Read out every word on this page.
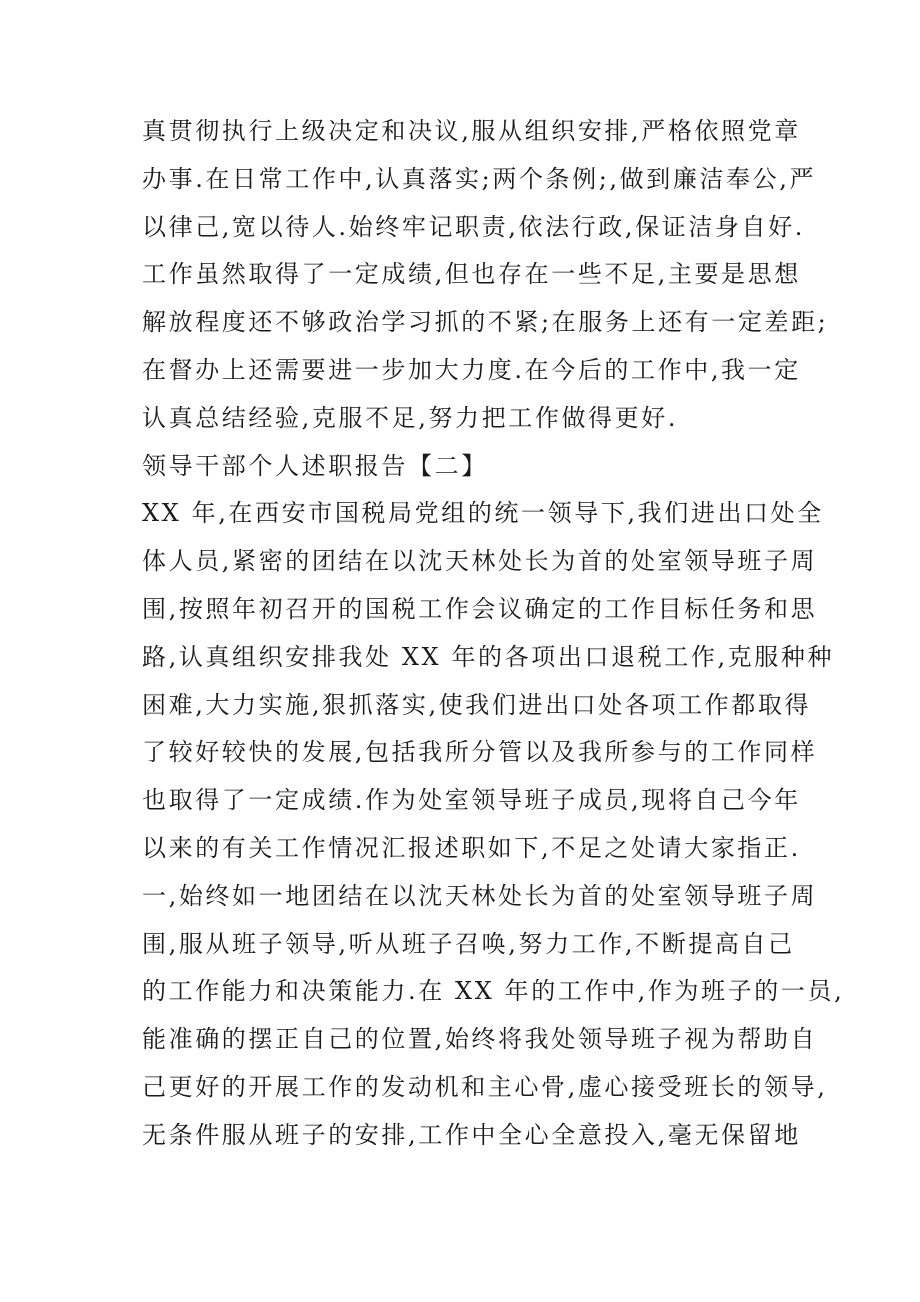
真贯彻执行上级决定和决议,服从组织安排,严格依照党章
办事.在日常工作中,认真落实;两个条例;,做到廉洁奉公,严
以律己,宽以待人.始终牢记职责,依法行政,保证洁身自好.
工作虽然取得了一定成绩,但也存在一些不足,主要是思想
解放程度还不够政治学习抓的不紧;在服务上还有一定差距;
在督办上还需要进一步加大力度.在今后的工作中,我一定
认真总结经验,克服不足,努力把工作做得更好.
领导干部个人述职报告【二】
XX 年,在西安市国税局党组的统一领导下,我们进出口处全
体人员,紧密的团结在以沈天林处长为首的处室领导班子周
围,按照年初召开的国税工作会议确定的工作目标任务和思
路,认真组织安排我处 XX 年的各项出口退税工作,克服种种
困难,大力实施,狠抓落实,使我们进出口处各项工作都取得
了较好较快的发展,包括我所分管以及我所参与的工作同样
也取得了一定成绩.作为处室领导班子成员,现将自己今年
以来的有关工作情况汇报述职如下,不足之处请大家指正.
一,始终如一地团结在以沈天林处长为首的处室领导班子周
围,服从班子领导,听从班子召唤,努力工作,不断提高自己
的工作能力和决策能力.在 XX 年的工作中,作为班子的一员,
能准确的摆正自己的位置,始终将我处领导班子视为帮助自
己更好的开展工作的发动机和主心骨,虚心接受班长的领导,
无条件服从班子的安排,工作中全心全意投入,毫无保留地
